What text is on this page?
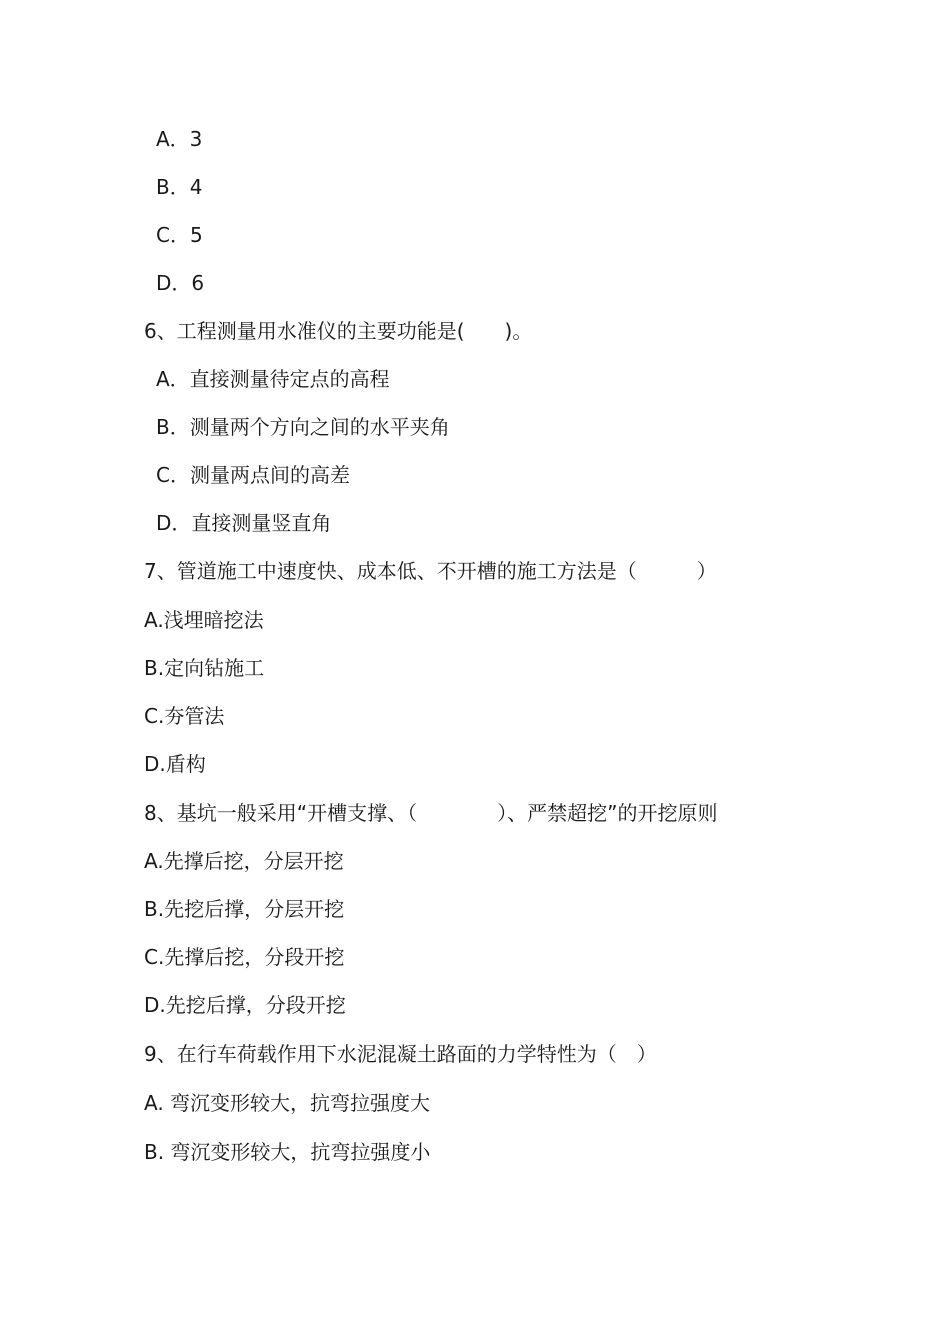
A．3
B．4
C．5
D．6
6、工程测量用水准仪的主要功能是(　　)。
A．直接测量待定点的高程
B．测量两个方向之间的水平夹角
C．测量两点间的高差
D．直接测量竖直角
7、管道施工中速度快、成本低、不开槽的施工方法是（　　　）
A.浅埋暗挖法
B.定向钻施工
C.夯管法
D.盾构
8、基坑一般采用“开槽支撑、（　　　　）、严禁超挖”的开挖原则
A.先撑后挖，分层开挖
B.先挖后撑，分层开挖
C.先撑后挖，分段开挖
D.先挖后撑，分段开挖
9、在行车荷载作用下水泥混凝土路面的力学特性为（　）
A. 弯沉变形较大，抗弯拉强度大
B. 弯沉变形较大，抗弯拉强度小
